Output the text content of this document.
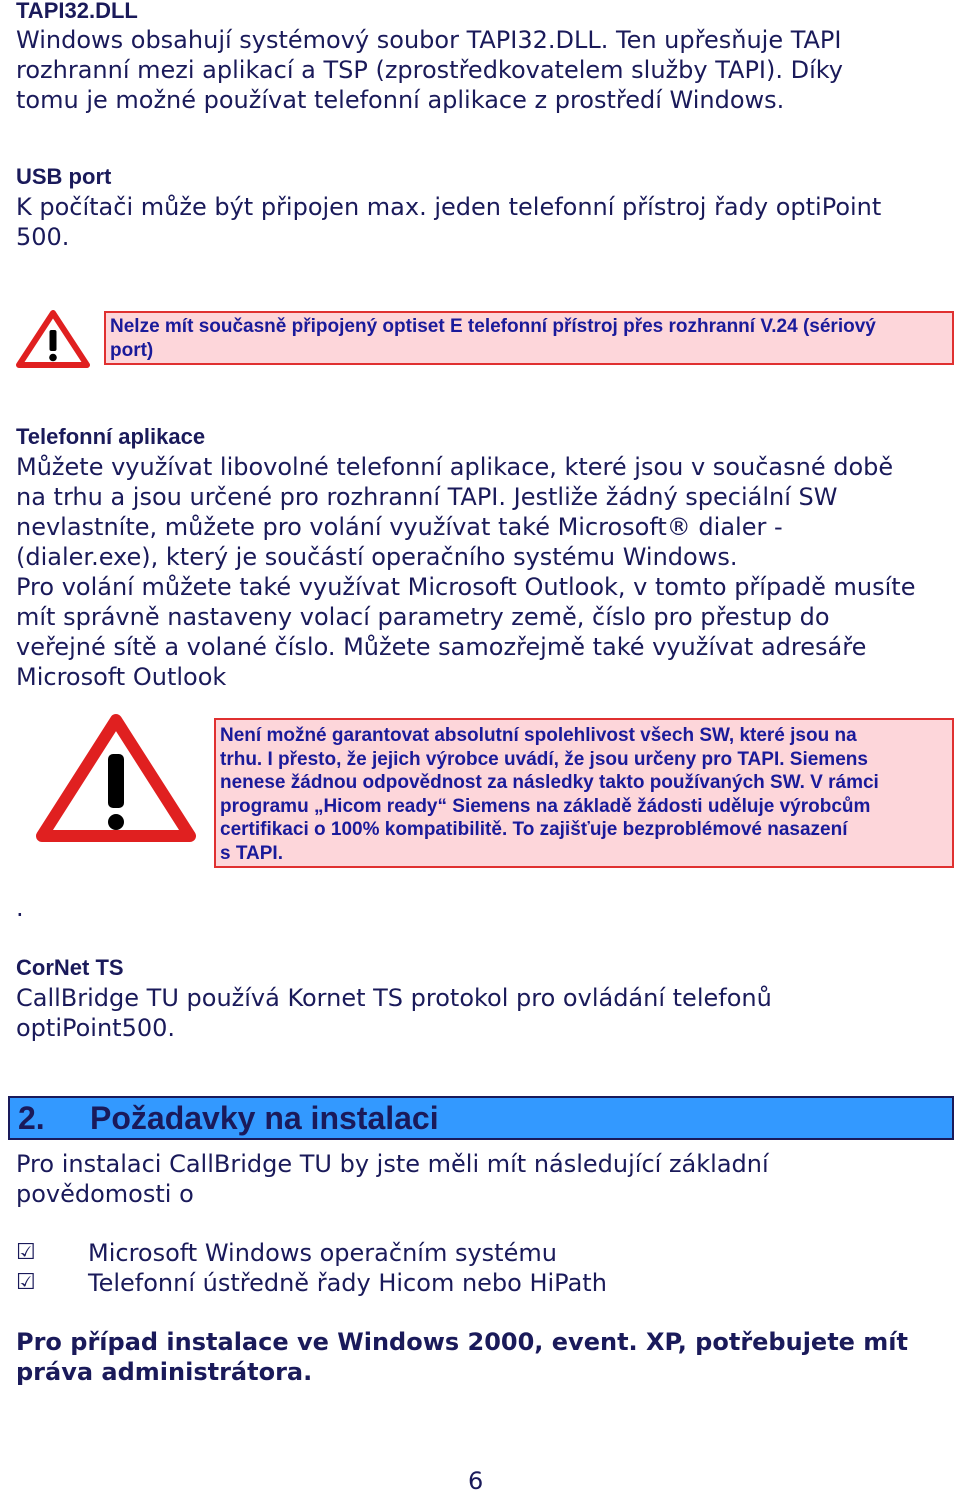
TAPI32.DLL
Windows obsahují systémový soubor TAPI32.DLL. Ten upřesňuje TAPI
rozhranní mezi aplikací a TSP (zprostředkovatelem služby TAPI). Díky
tomu je možné používat telefonní aplikace z prostředí Windows.
USB port
K počítači může být připojen max. jeden telefonní přístroj řady optiPoint
500.
Nelze mít současně připojený optiset E telefonní přístroj přes rozhranní V.24 (sériový
port)
Telefonní aplikace
Můžete využívat libovolné telefonní aplikace, které jsou v současné době
na trhu a jsou určené pro rozhranní TAPI. Jestliže žádný speciální SW
nevlastníte, můžete pro volání využívat také Microsoft® dialer -
(dialer.exe), který je součástí operačního systému Windows.
Pro volání můžete také využívat Microsoft Outlook, v tomto případě musíte
mít správně nastaveny volací parametry země, číslo pro přestup do
veřejné sítě a volané číslo. Můžete samozřejmě také využívat adresáře
Microsoft Outlook
Není možné garantovat absolutní spolehlivost všech SW, které jsou na
trhu. I přesto, že jejich výrobce uvádí, že jsou určeny pro TAPI. Siemens
nenese žádnou odpovědnost za následky takto používaných SW. V rámci
programu „Hicom ready“ Siemens na základě žádosti uděluje výrobcům
certifikaci o 100% kompatibilitě. To zajišťuje bezproblémové nasazení
s TAPI.
.
CorNet TS
CallBridge TU používá Kornet TS protokol pro ovládání telefonů
optiPoint500.
2. Požadavky na instalaci
Pro instalaci CallBridge TU by jste měli mít následující základní
povědomosti o
☑ Microsoft Windows operačním systému
☑ Telefonní ústředně řady Hicom nebo HiPath
Pro případ instalace ve Windows 2000, event. XP, potřebujete mít
práva administrátora.
6
